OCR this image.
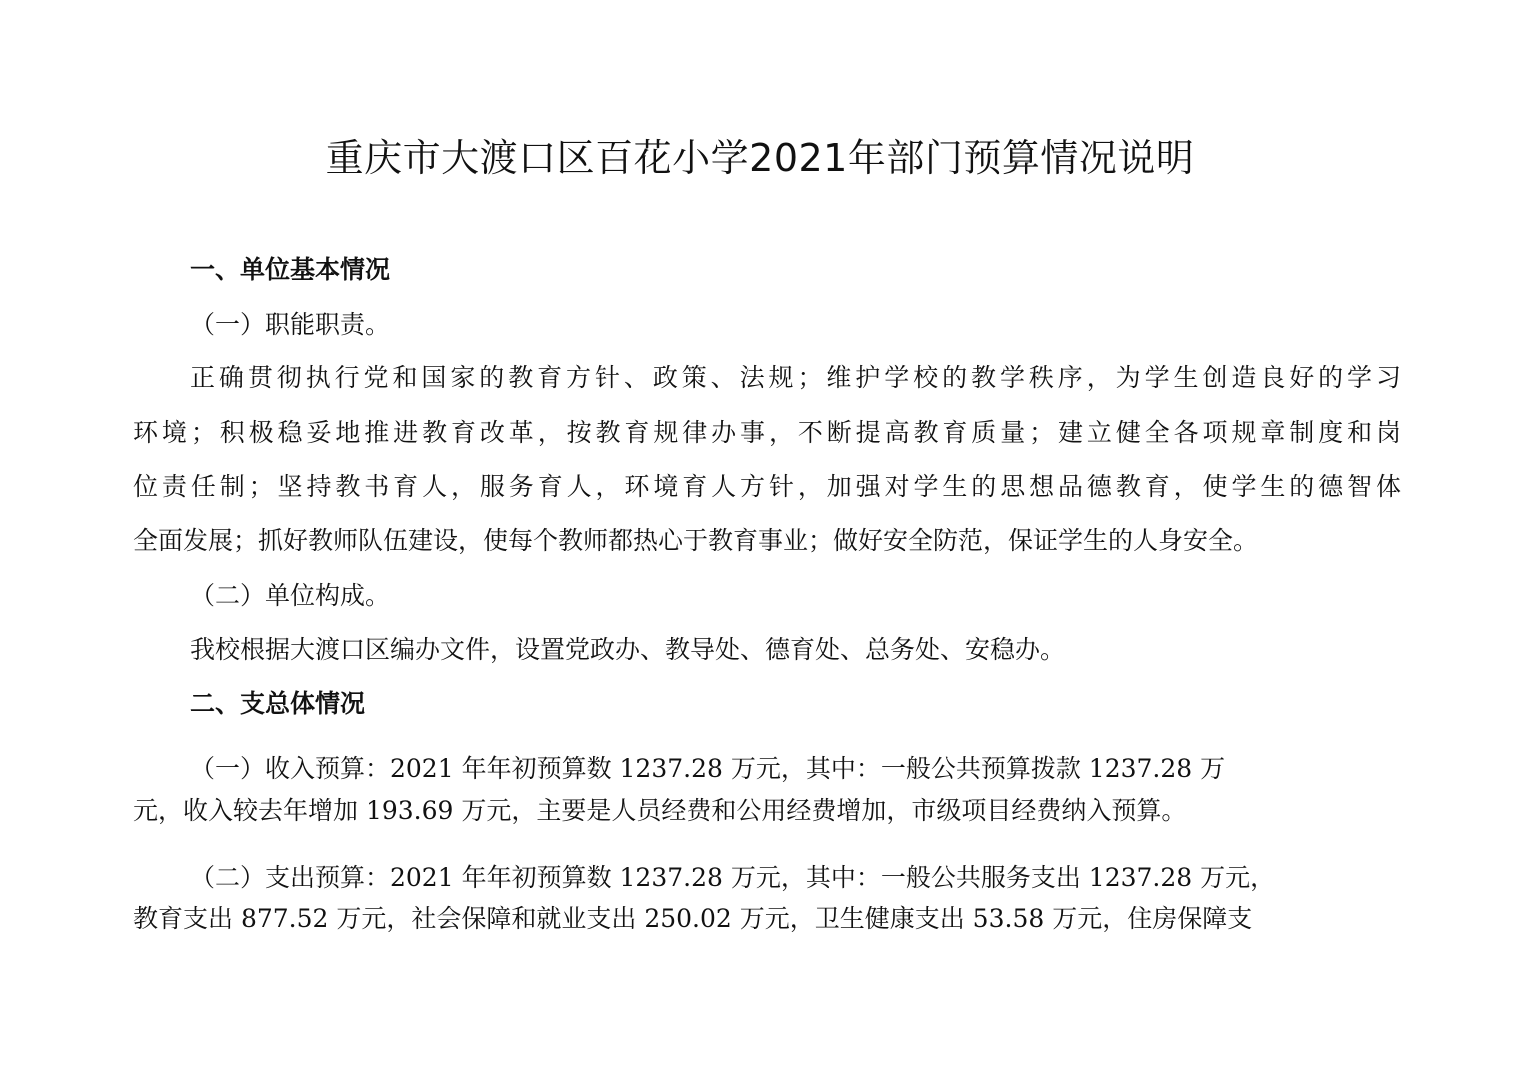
重庆市大渡口区百花小学2021年部门预算情况说明
一、单位基本情况
（一）职能职责。
正确贯彻执行党和国家的教育方针、政策、法规；维护学校的教学秩序，为学生创造良好的学习
环境；积极稳妥地推进教育改革，按教育规律办事，不断提高教育质量；建立健全各项规章制度和岗
位责任制；坚持教书育人，服务育人，环境育人方针，加强对学生的思想品德教育，使学生的德智体
全面发展；抓好教师队伍建设，使每个教师都热心于教育事业；做好安全防范，保证学生的人身安全。
（二）单位构成。
我校根据大渡口区编办文件，设置党政办、教导处、德育处、总务处、安稳办。
二、支总体情况
（一）收入预算：2021 年年初预算数 1237.28 万元，其中：一般公共预算拨款 1237.28 万
元，收入较去年增加 193.69 万元，主要是人员经费和公用经费增加，市级项目经费纳入预算。
（二）支出预算：2021 年年初预算数 1237.28 万元，其中：一般公共服务支出 1237.28 万元，
教育支出 877.52 万元，社会保障和就业支出 250.02 万元，卫生健康支出 53.58 万元，住房保障支
